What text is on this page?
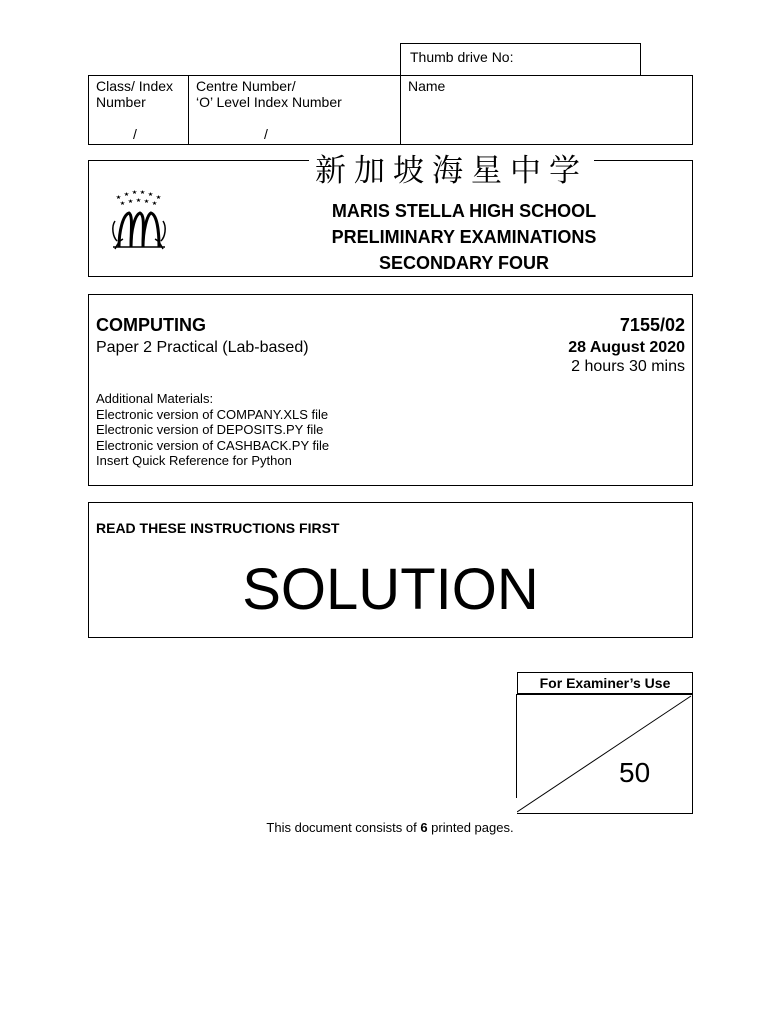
Thumb drive No:
Class/ Index
Number
/
Centre Number/
‘O’ Level Index Number
/
Name
新加坡海星中学
MARIS STELLA HIGH SCHOOL
PRELIMINARY EXAMINATIONS
SECONDARY FOUR
COMPUTING
Paper 2 Practical (Lab-based)
7155/02
28 August 2020
2 hours 30 mins
Additional Materials:
Electronic version of COMPANY.XLS file
Electronic version of DEPOSITS.PY file
Electronic version of CASHBACK.PY file
Insert Quick Reference for Python
READ THESE INSTRUCTIONS FIRST
SOLUTION
For Examiner’s Use
50
This document consists of 6 printed pages.
